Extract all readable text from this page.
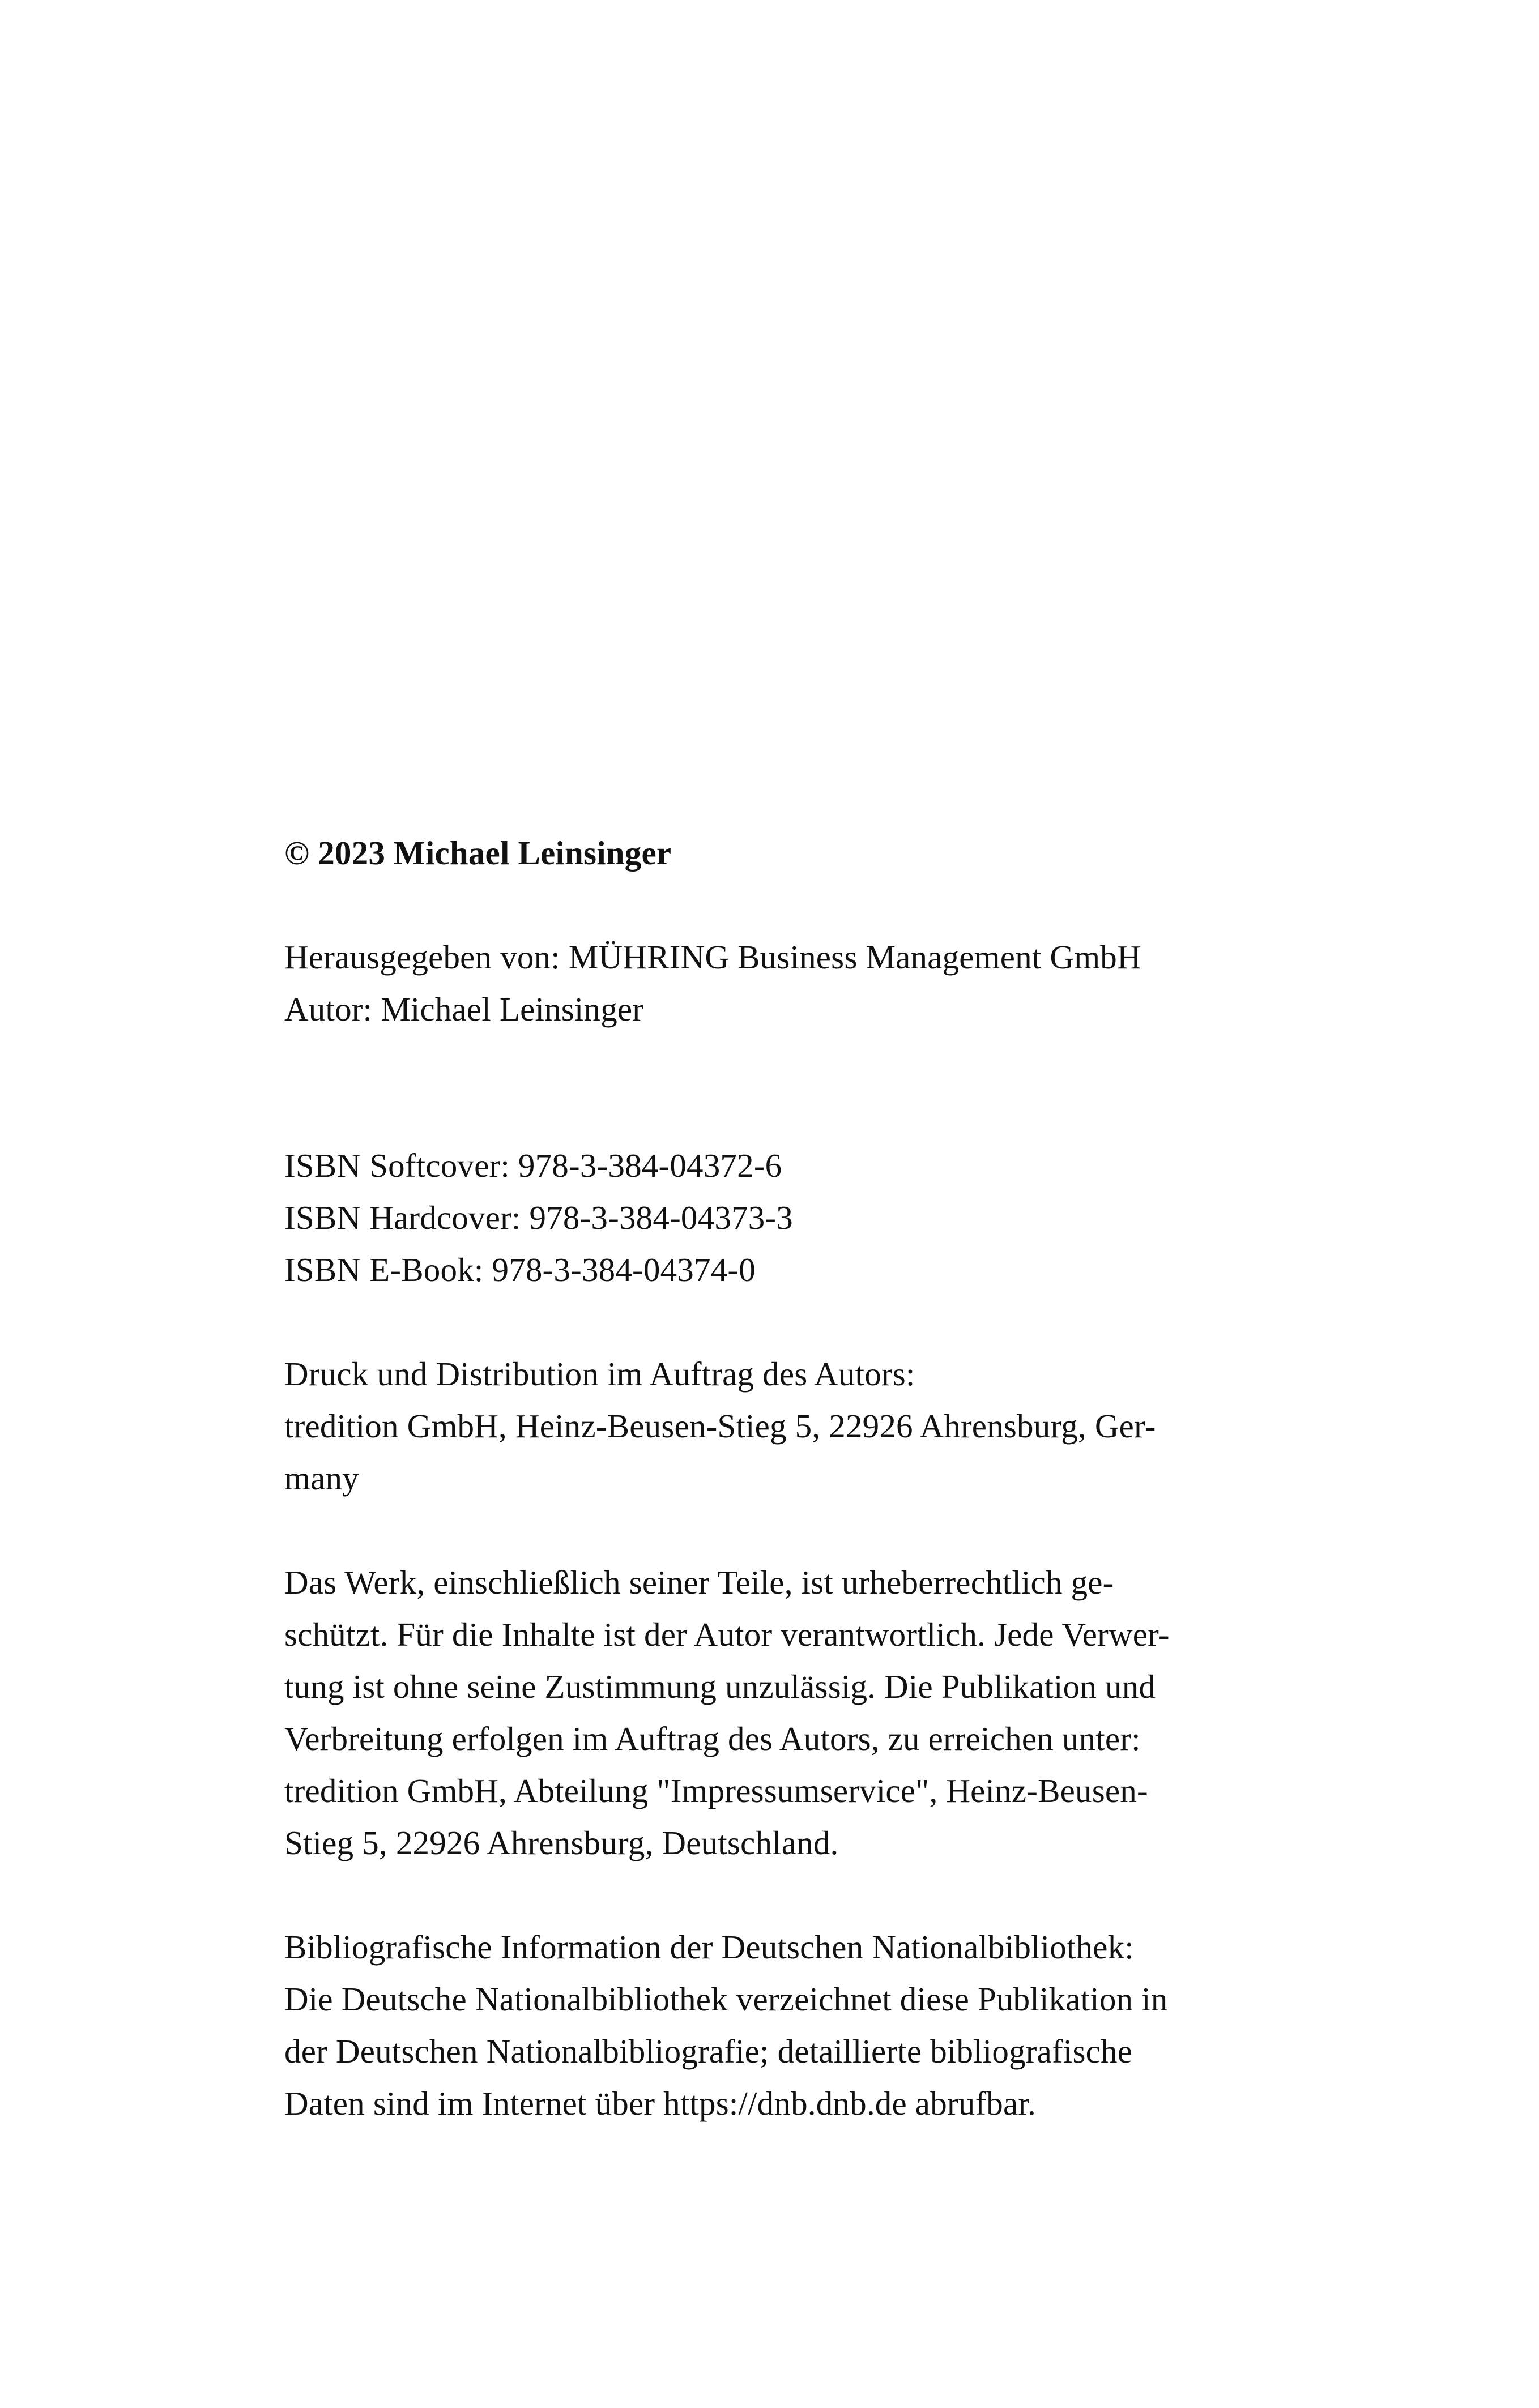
© 2023 Michael Leinsinger
Herausgegeben von: MÜHRING Business Management GmbH
Autor: Michael Leinsinger
ISBN Softcover: 978-3-384-04372-6
ISBN Hardcover: 978-3-384-04373-3
ISBN E-Book: 978-3-384-04374-0
Druck und Distribution im Auftrag des Autors:
tredition GmbH, Heinz-Beusen-Stieg 5, 22926 Ahrensburg, Ger-
many
Das Werk, einschließlich seiner Teile, ist urheberrechtlich ge-
schützt. Für die Inhalte ist der Autor verantwortlich. Jede Verwer-
tung ist ohne seine Zustimmung unzulässig. Die Publikation und
Verbreitung erfolgen im Auftrag des Autors, zu erreichen unter:
tredition GmbH, Abteilung "Impressumservice", Heinz-Beusen-
Stieg 5, 22926 Ahrensburg, Deutschland.
Bibliografische Information der Deutschen Nationalbibliothek:
Die Deutsche Nationalbibliothek verzeichnet diese Publikation in
der Deutschen Nationalbibliografie; detaillierte bibliografische
Daten sind im Internet über https://dnb.dnb.de abrufbar.
